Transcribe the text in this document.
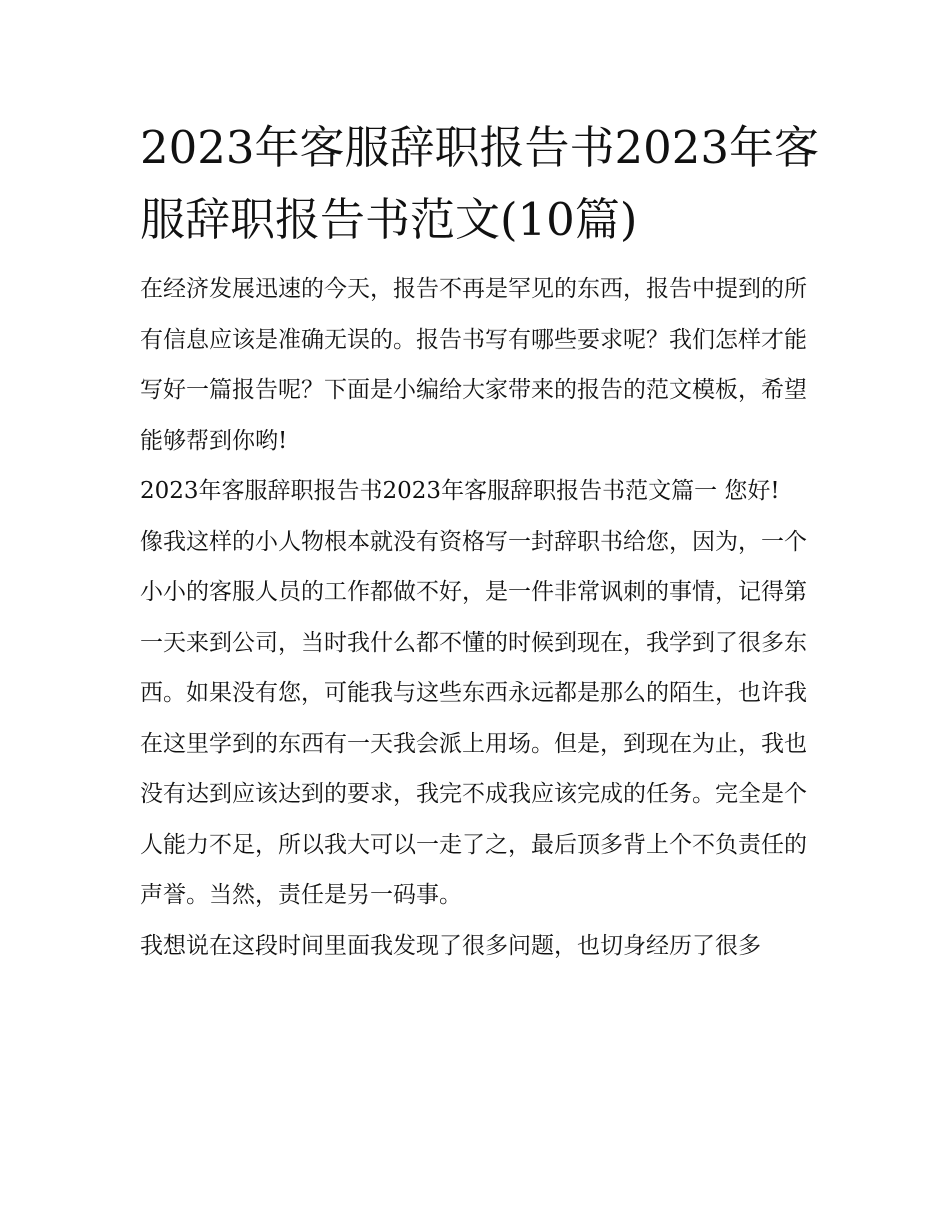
2023年客服辞职报告书2023年客服辞职报告书范文(10篇)

在经济发展迅速的今天，报告不再是罕见的东西，报告中提到的所有信息应该是准确无误的。报告书写有哪些要求呢？我们怎样才能写好一篇报告呢？下面是小编给大家带来的报告的范文模板，希望能够帮到你哟!

2023年客服辞职报告书2023年客服辞职报告书范文篇一 您好!

像我这样的小人物根本就没有资格写一封辞职书给您，因为，一个小小的客服人员的工作都做不好，是一件非常讽刺的事情，记得第一天来到公司，当时我什么都不懂的时候到现在，我学到了很多东西。如果没有您，可能我与这些东西永远都是那么的陌生，也许我在这里学到的东西有一天我会派上用场。但是，到现在为止，我也没有达到应该达到的要求，我完不成我应该完成的任务。完全是个人能力不足，所以我大可以一走了之，最后顶多背上个不负责任的声誉。当然，责任是另一码事。

我想说在这段时间里面我发现了很多问题，也切身经历了很多
